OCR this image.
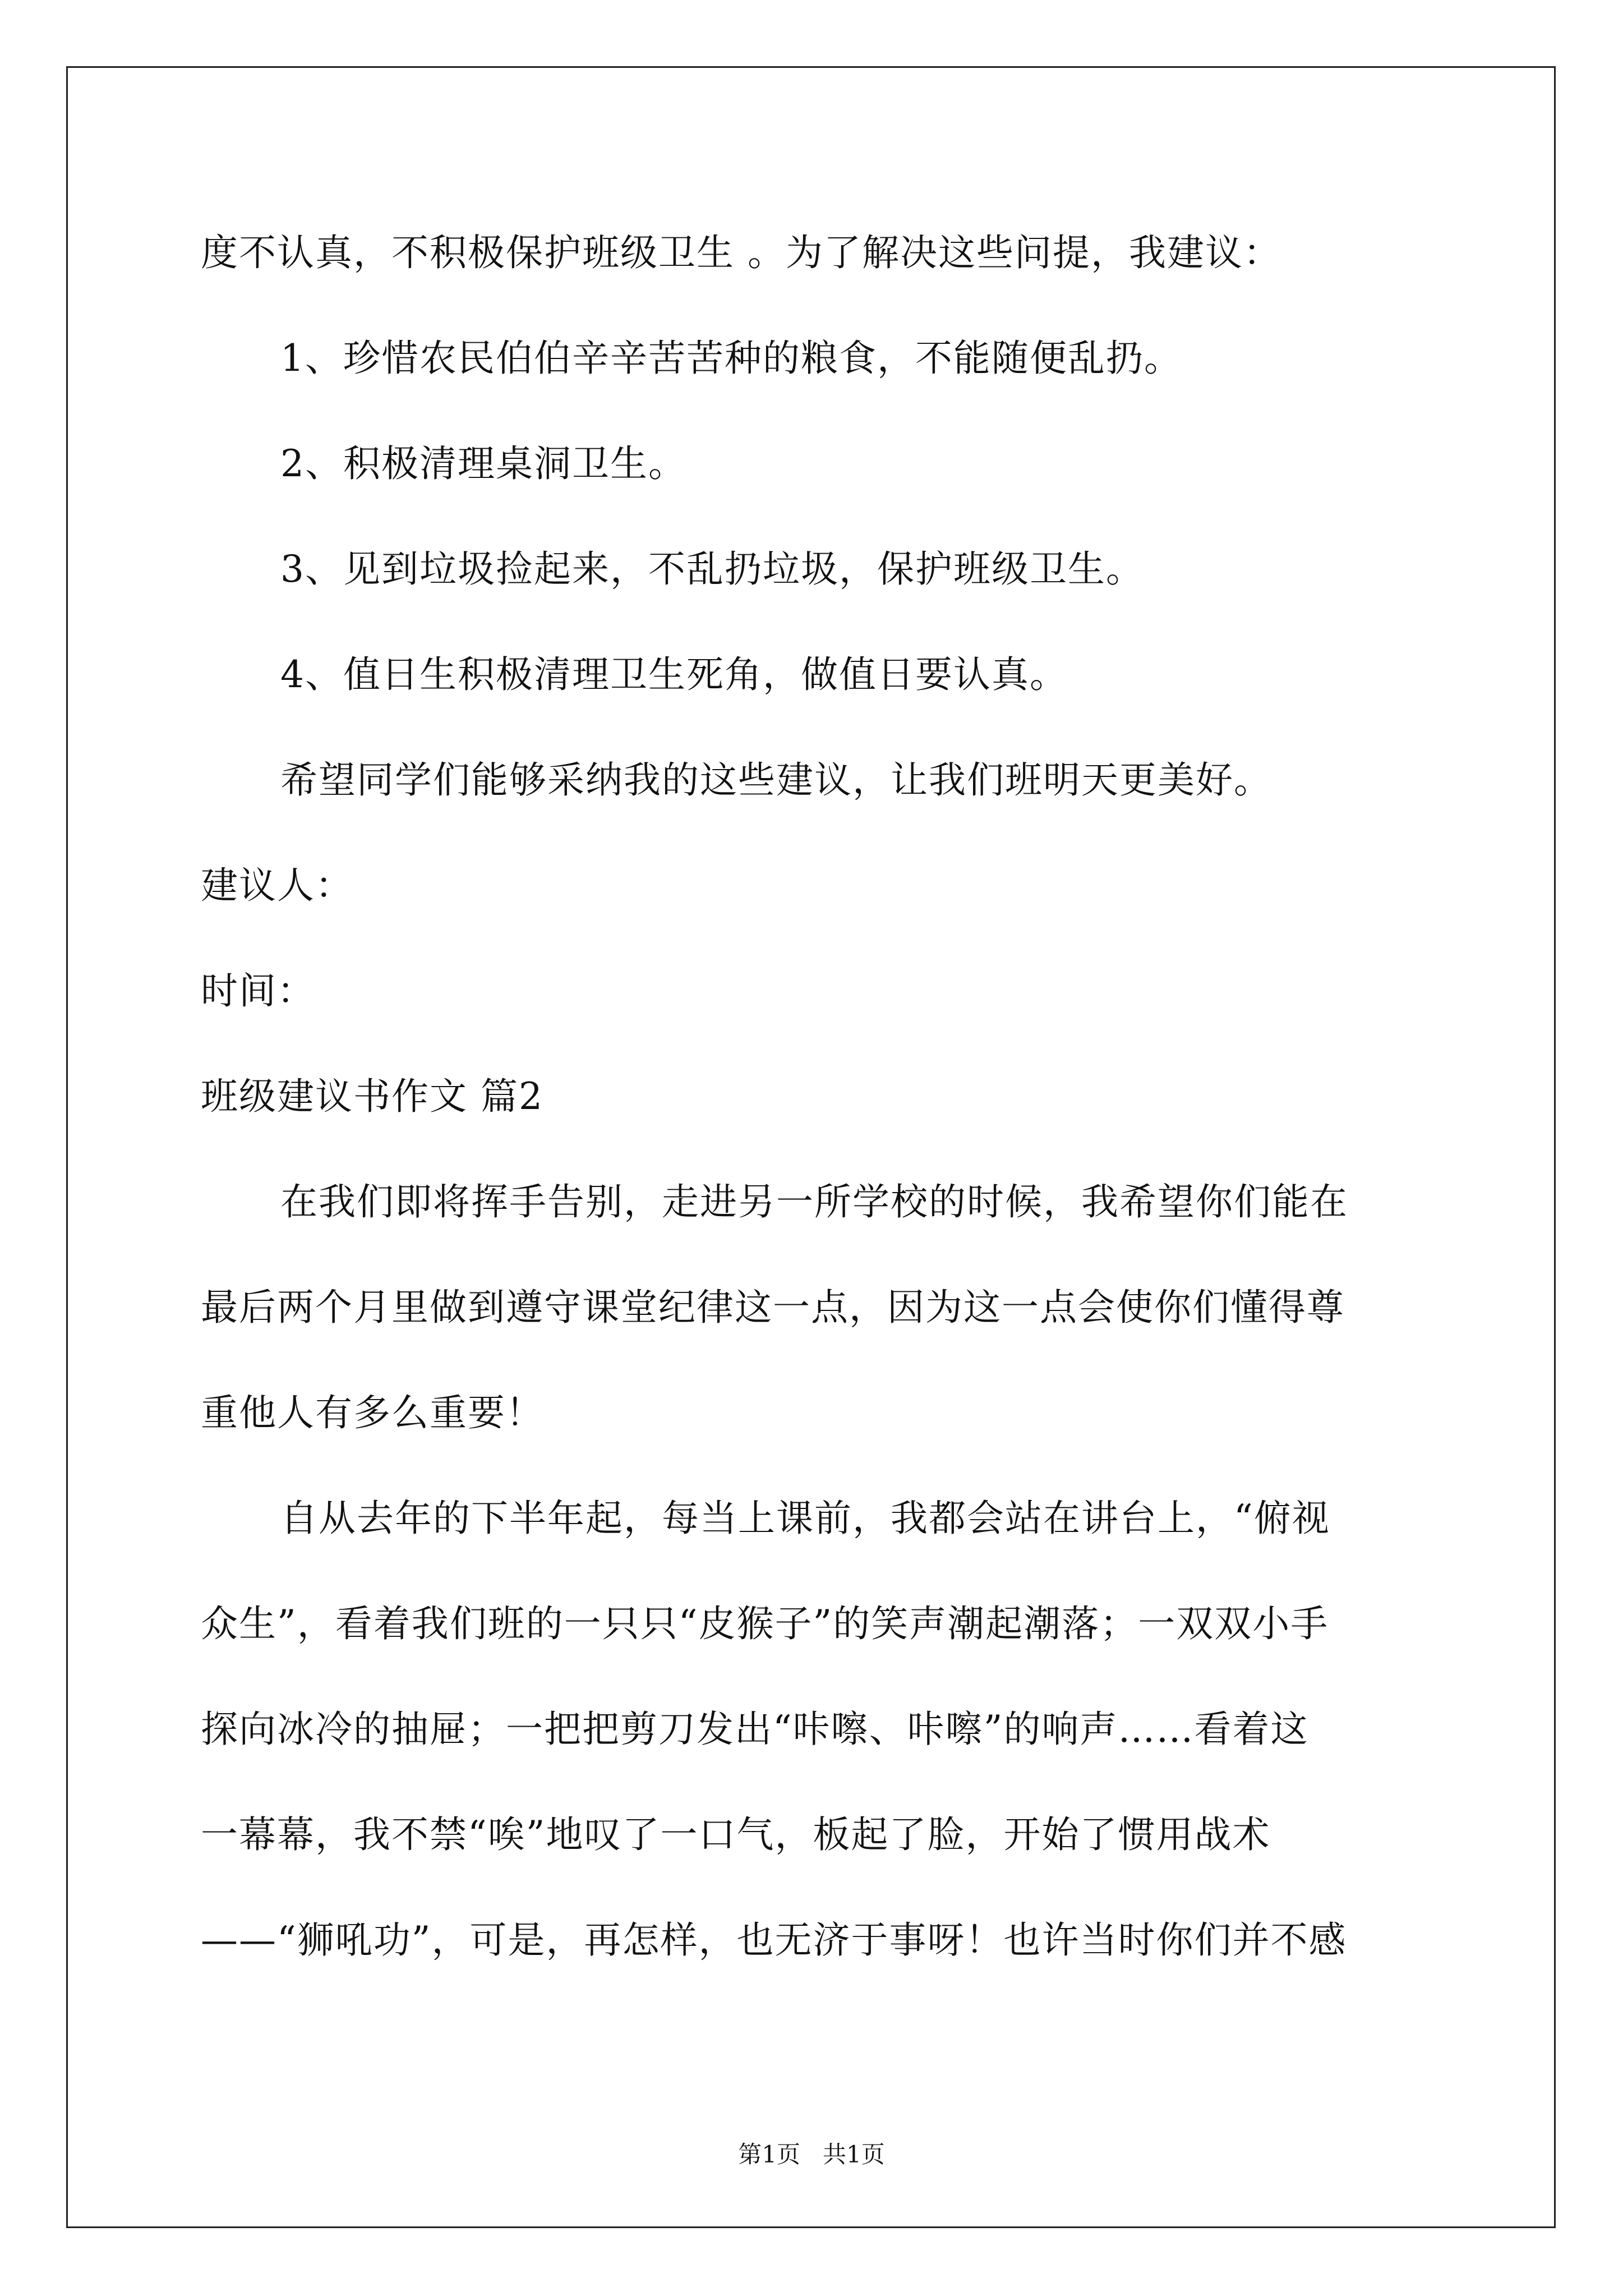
度不认真，不积极保护班级卫生 。为了解决这些问提，我建议：
1、珍惜农民伯伯辛辛苦苦种的粮食，不能随便乱扔。
2、积极清理桌洞卫生。
3、见到垃圾捡起来，不乱扔垃圾，保护班级卫生。
4、值日生积极清理卫生死角，做值日要认真。
希望同学们能够采纳我的这些建议，让我们班明天更美好。
建议人：
时间：
班级建议书作文 篇2
在我们即将挥手告别，走进另一所学校的时候，我希望你们能在
最后两个月里做到遵守课堂纪律这一点，因为这一点会使你们懂得尊
重他人有多么重要！
自从去年的下半年起，每当上课前，我都会站在讲台上，“俯视
众生”，看着我们班的一只只“皮猴子”的笑声潮起潮落；一双双小手
探向冰冷的抽屉；一把把剪刀发出“咔嚓、咔嚓”的响声……看着这
一幕幕，我不禁“唉”地叹了一口气，板起了脸，开始了惯用战术
——“狮吼功”，可是，再怎样，也无济于事呀！也许当时你们并不感
第1页   共1页
